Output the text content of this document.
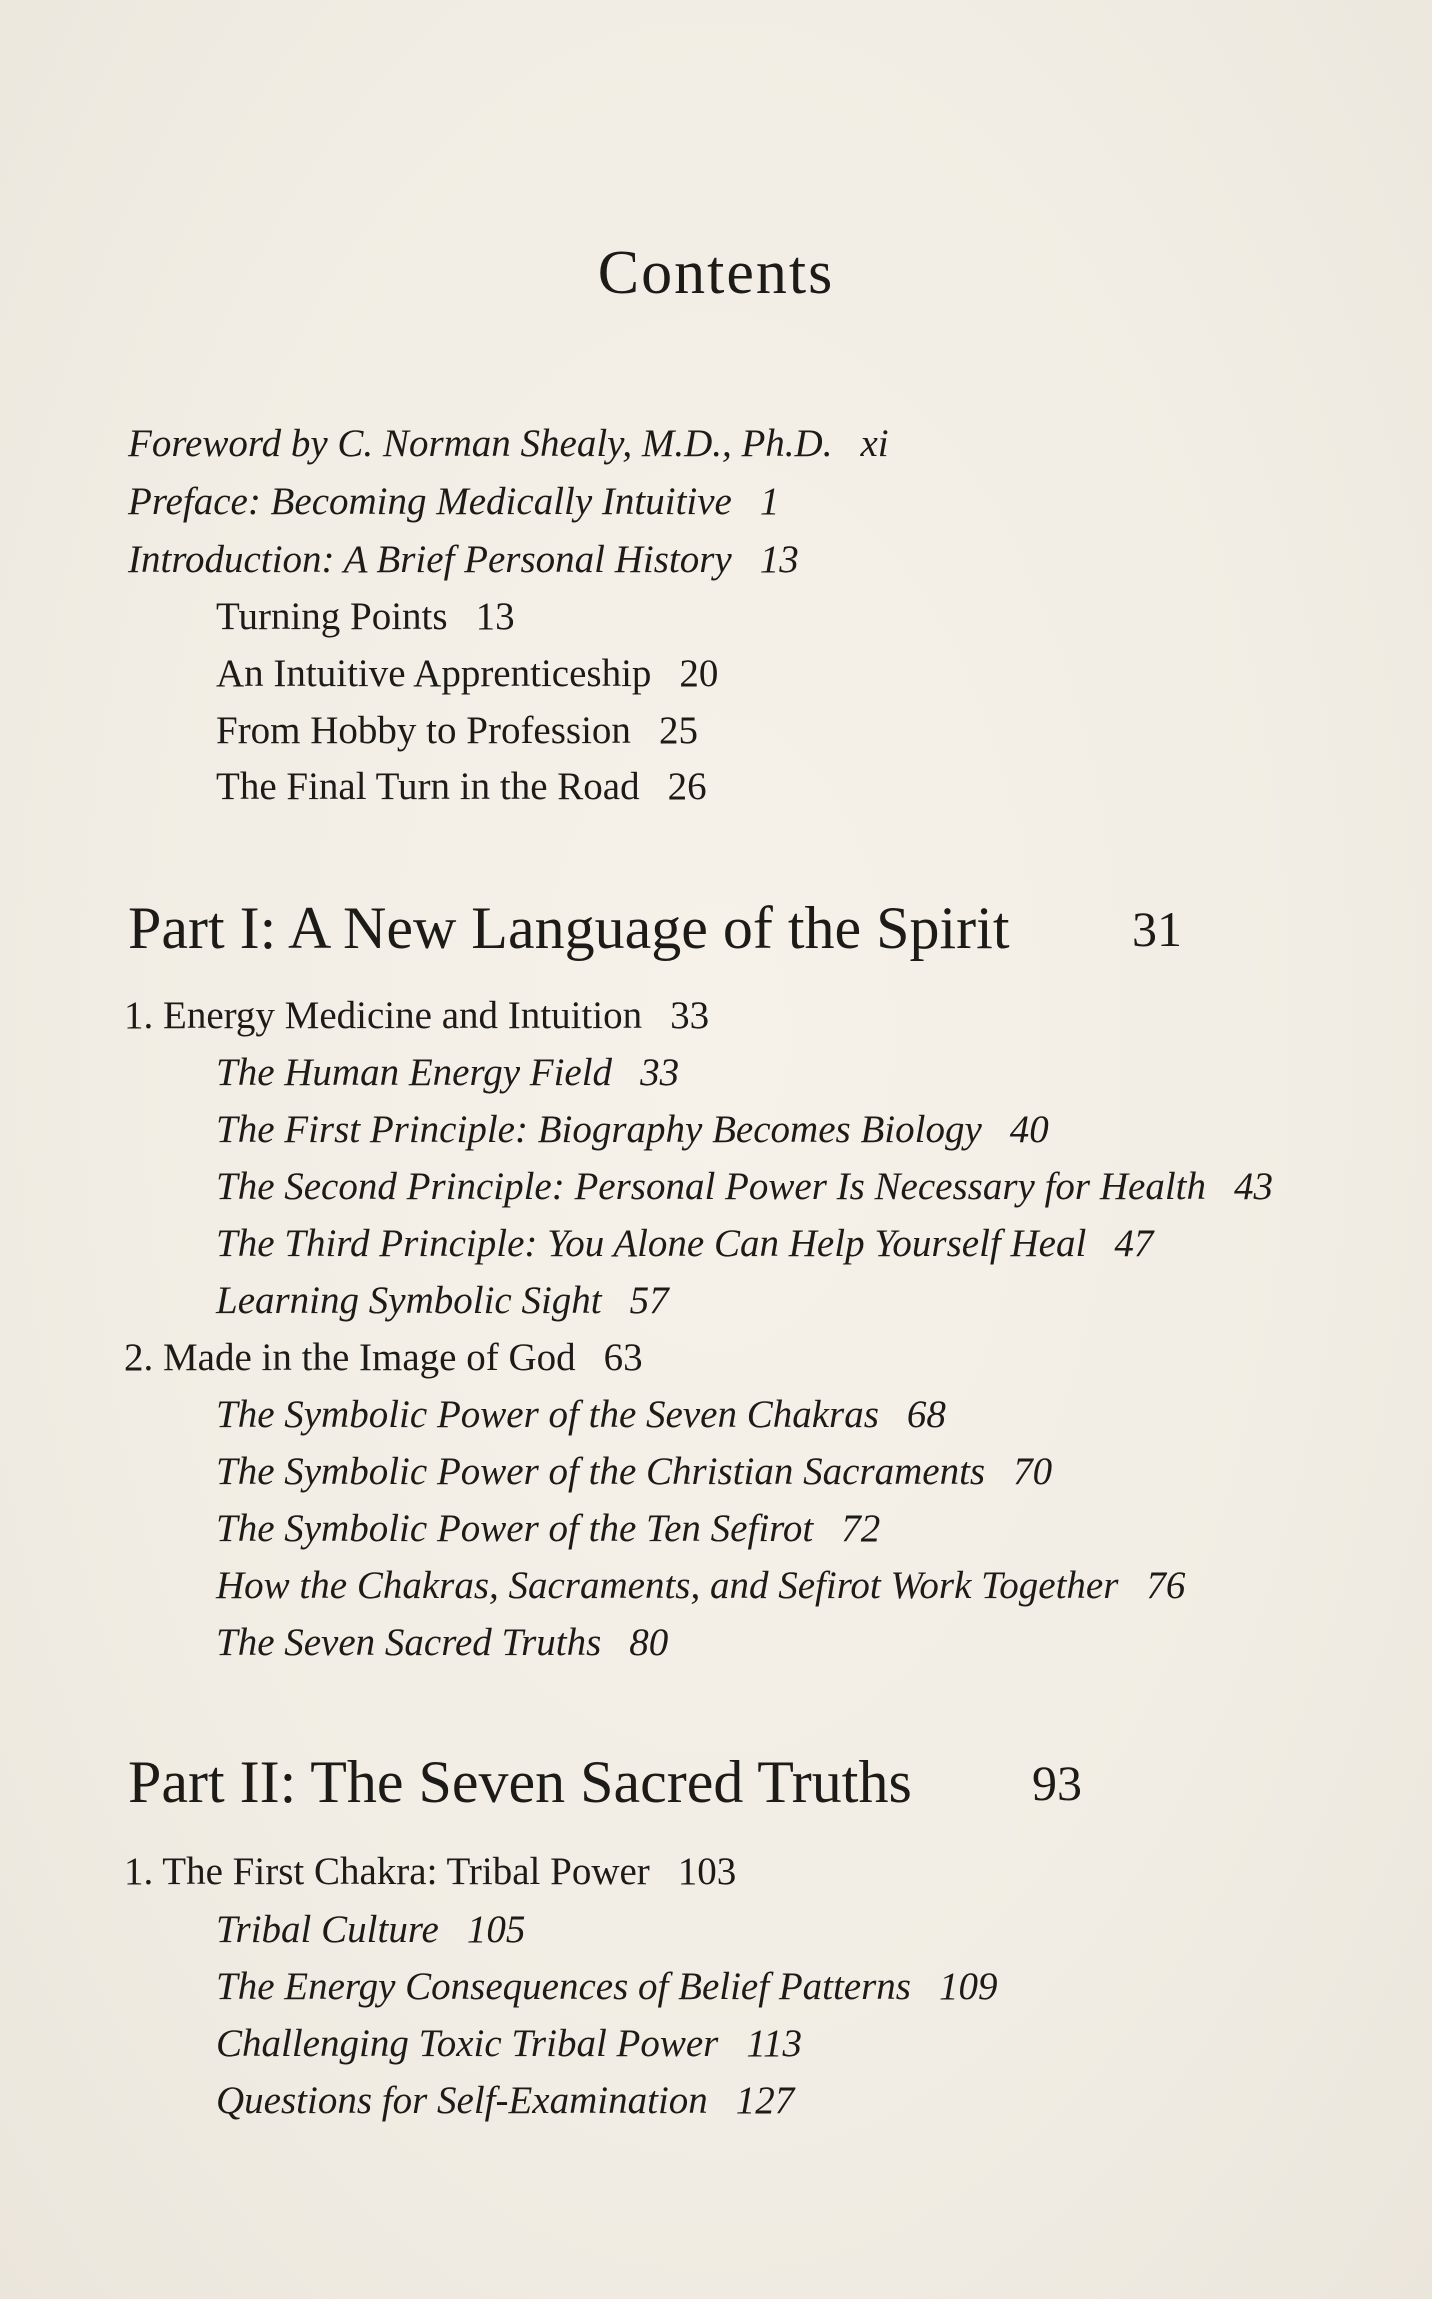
Contents
Foreword by C. Norman Shealy, M.D., Ph.D. xi
Preface: Becoming Medically Intuitive 1
Introduction: A Brief Personal History 13
Turning Points 13
An Intuitive Apprenticeship 20
From Hobby to Profession 25
The Final Turn in the Road 26
Part I: A New Language of the Spirit 31
1. Energy Medicine and Intuition 33
The Human Energy Field 33
The First Principle: Biography Becomes Biology 40
The Second Principle: Personal Power Is Necessary for Health 43
The Third Principle: You Alone Can Help Yourself Heal 47
Learning Symbolic Sight 57
2. Made in the Image of God 63
The Symbolic Power of the Seven Chakras 68
The Symbolic Power of the Christian Sacraments 70
The Symbolic Power of the Ten Sefirot 72
How the Chakras, Sacraments, and Sefirot Work Together 76
The Seven Sacred Truths 80
Part II: The Seven Sacred Truths 93
1. The First Chakra: Tribal Power 103
Tribal Culture 105
The Energy Consequences of Belief Patterns 109
Challenging Toxic Tribal Power 113
Questions for Self-Examination 127
